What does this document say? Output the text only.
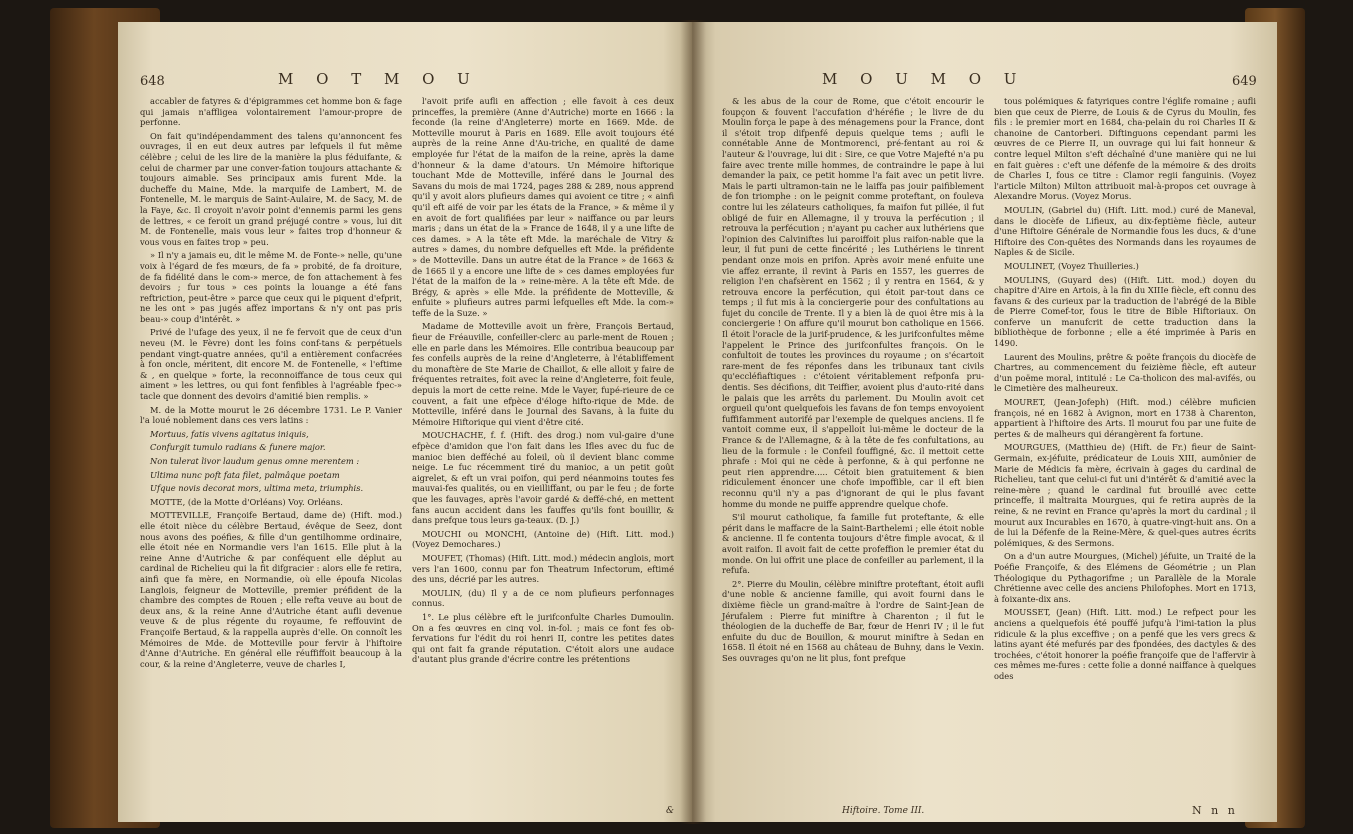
648	M O T M O U

accabler de fatyres & d'épigrammes cet homme bon & fage qui jamais n'affligea volontairement l'amour-propre de perfonne.

On fait qu'indépendamment des talens qu'annoncent fes ouvrages, il en eut deux autres par lefquels il fut même célèbre ; celui de les lire de la manière la plus féduifante, & celui de charmer par une conver-fation toujours attachante & toujours aimable. Ses principaux amis furent Mde. la ducheffe du Maine, Mde. la marquife de Lambert, M. de Fontenelle, M. le marquis de Saint-Aulaire, M. de Sacy, M. de la Faye, &c. Il croyoit n'avoir point d'ennemis parmi les gens de lettres, « ce feroit un grand préjugé contre » vous, lui dit M. de Fontenelle, mais vous leur » faites trop d'honneur & vous vous en faites trop » peu.

» Il n'y a jamais eu, dit le même M. de Fonte-» nelle, qu'une voix à l'égard de fes mœurs, de fa » probité, de fa droiture, de fa fidélité dans le com-» merce, de fon attachement à fes devoirs ; fur tous » ces points la louange a été fans reftriction, peut-être » parce que ceux qui le piquent d'efprit, ne les ont » pas jugés affez importans & n'y ont pas pris beau-» coup d'intérêt. »

Privé de l'ufage des yeux, il ne fe fervoit que de ceux d'un neveu (M. le Fèvre) dont les foins conf-tans & perpétuels pendant vingt-quatre années, qu'il a entièrement confacrées à fon oncle, méritent, dit encore M. de Fontenelle, « l'eftime & , en quelque » forte, la reconnoiffance de tous ceux qui aiment » les lettres, ou qui font fenfibles à l'agréable fpec-» tacle que donnent des devoirs d'amitié bien remplis. »

M. de la Motte mourut le 26 décembre 1731. Le P. Vanier l'a loué noblement dans ces vers latins :

Mortuus, fatis vivens agitatus iniquis,

Confurgit tumulo radians & funere major.

Non tulerat livor laudum genus omne merentem :

Ultima nunc poft fata filet, palmâque poetam

Ufque novis decorat mors, ultima meta, triumphis.

MOTTE, (de la Motte d'Orléans) Voy. Orléans.

MOTTEVILLE, Françoife Bertaud, dame de) (Hift. mod.) elle étoit nièce du célèbre Bertaud, évêque de Seez, dont nous avons des poéfies, & fille d'un gentilhomme ordinaire, elle étoit née en Normandie vers l'an 1615. Elle plut à la reine Anne d'Autriche & par conféquent elle déplut au cardinal de Richelieu qui la fit difgracier : alors elle fe retira, ainfi que fa mère, en Normandie, où elle époufa Nicolas Langlois, feigneur de Motteville, premier préfident de la chambre des comptes de Rouen ; elle refta veuve au bout de deux ans, & la reine Anne d'Autriche étant aufli devenue veuve & de plus régente du royaume, fe reffouvint de Françoife Bertaud, & la rappella auprès d'elle. On connoît les Mémoires de Mde. de Motteville pour fervir à l'hiftoire d'Anne d'Autriche. En général elle réuffiffoit beaucoup à la cour, & la reine d'Angleterre, veuve de charles I,

l'avoit prife aufli en affection ; elle favoit à ces deux princeffes, la première (Anne d'Autriche) morte en 1666 : la feconde (la reine d'Angleterre) morte en 1669. Mde. de Motteville mourut à Paris en 1689. Elle avoit toujours été auprès de la reine Anne d'Au-triche, en qualité de dame employée fur l'état de la maifon de la reine, après la dame d'honneur & la dame d'atours. Un Mémoire hiftorique touchant Mde de Motteville, inféré dans le Journal des Savans du mois de mai 1724, pages 288 & 289, nous apprend qu'il y avoit alors plufieurs dames qui avoient ce titre ; « ainfi qu'il eft aifé de voir par les états de la France, » & même il y en avoit de fort qualifiées par leur » naiffance ou par leurs maris ; dans un état de la » France de 1648, il y a une lifte de ces dames. » A la tête eft Mde. la maréchale de Vitry & autres » dames, du nombre defquelles eft Mde. la préfidente » de Motteville. Dans un autre état de la France » de 1663 & de 1665 il y a encore une lifte de » ces dames employées fur l'état de la maifon de la » reine-mère. A la tête eft Mde. de Brégy, & après » elle Mde. la préfidente de Motteville, & enfuite » plufieurs autres parmi lefquelles eft Mde. la com-» teffe de la Suze. »

Madame de Motteville avoit un frère, François Bertaud, fieur de Fréauville, confeiller-clerc au parle-ment de Rouen ; elle en parle dans les Mémoires. Elle contribua beaucoup par fes confeils auprès de la reine d'Angleterre, à l'établiffement du monaftère de Ste Marie de Chaillot, & elle alloit y faire de fréquentes retraites, foit avec la reine d'Angleterre, foit feule, depuis la mort de cette reine. Mde le Vayer, fupé-rieure de ce couvent, a fait une efpèce d'éloge hifto-rique de Mde. de Motteville, inféré dans le Journal des Savans, à la fuite du Mémoire Hiftorique qui vient d'être cité.

MOUCHACHE, f. f. (Hift. des drog.) nom vul-gaire d'une efpèce d'amidon que l'on fait dans les Ifles avec du fuc de manioc bien defféché au foleil, où il devient blanc comme neige. Le fuc récemment tiré du manioc, a un petit goût aigrelet, & eft un vrai poifon, qui perd néanmoins toutes fes mauvai-fes qualités, ou en vieilliffant, ou par le feu ; de forte que les fauvages, après l'avoir gardé & deffé-ché, en mettent fans aucun accident dans les fauffes qu'ils font bouillir, & dans prefque tous leurs ga-teaux. (D. J.)

MOUCHI ou MONCHI, (Antoine de) (Hift. Litt. mod.) (Voyez Demochares.)

MOUFET, (Thomas) (Hift. Litt. mod.) médecin anglois, mort vers l'an 1600, connu par fon Theatrum Infectorum, eftimé des uns, décrié par les autres.

MOULIN, (du) Il y a de ce nom plufieurs perfonnages connus.

1°. Le plus célèbre eft le jurifconfulte Charles Dumoulin. On a fes œuvres en cinq vol. in-fol. ; mais ce font fes ob-fervations fur l'édit du roi henri II, contre les petites dates qui ont fait fa grande réputation. C'étoit alors une audace d'autant plus grande d'écrire contre les prétentions

&
M O U M O U	649

& les abus de la cour de Rome, que c'étoit encourir le foupçon & fouvent l'accufation d'héréfie ; le livre de du Moulin força le pape à des ménagemens pour la France, dont il s'étoit trop difpenfé depuis quelque tems ; aufli le connétable Anne de Montmorenci, pré-fentant au roi & l'auteur & l'ouvrage, lui dit : Sire, ce que Votre Majefté n'a pu faire avec trente mille hommes, de contraindre le pape à lui demander la paix, ce petit homme l'a fait avec un petit livre. Mais le parti ultramon-tain ne le laiffa pas jouir paifiblement de fon triomphe : on le peignit comme proteftant, on fouleva contre lui les zélateurs catholiques, fa maifon fut pillée, il fut obligé de fuir en Allemagne, il y trouva la perfécution ; il retrouva la perfécution ; n'ayant pu cacher aux luthériens que l'opinion des Calviniftes lui paroiffoit plus raifon-nable que la leur, il fut puni de cette fincérité ; les Luthériens le tinrent pendant onze mois en prifon. Après avoir mené enfuite une vie affez errante, il revint à Paris en 1557, les guerres de religion l'en chafsèrent en 1562 ; il y rentra en 1564, & y retrouva encore la perfécution, qui étoit par-tout dans ce temps ; il fut mis à la conciergerie pour des confultations au fujet du concile de Trente. Il y a bien là de quoi être mis à la conciergerie ! On affure qu'il mourut bon catholique en 1566. Il étoit l'oracle de la jurif-prudence, & les jurifconfultes même l'appelent le Prince des jurifconfultes françois. On le confultoit de toutes les provinces du royaume ; on s'écartoit rare-ment de fes réponfes dans les tribunaux tant civils qu'eccléfiaftiques : c'étoient véritablement refponfa pru-dentis. Ses décifions, dit Teiffier, avoient plus d'auto-rité dans le palais que les arrêts du parlement. Du Moulin avoit cet orgueil qu'ont quelquefois les favans de fon temps envoyoient fuffifamment autorifé par l'exemple de quelques anciens. Il fe vantoit comme eux, il s'appelloit lui-même le docteur de la France & de l'Allemagne, & à la tête de fes confultations, au lieu de la formule : le Confeil fouffigné, &c. il mettoit cette phrafe : Moi qui ne cède à perfonne, & à qui perfonne ne peut rien apprendre..... Cétoit bien gratuitement & bien ridiculement énoncer une chofe impoffible, car il eft bien reconnu qu'il n'y a pas d'ignorant de qui le plus favant homme du monde ne puiffe apprendre quelque chofe.

S'il mourut catholique, fa famille fut proteftante, & elle périt dans le maffacre de la Saint-Barthelemi ; elle étoit noble & ancienne. Il fe contenta toujours d'être fimple avocat, & il avoit raifon. Il avoit fait de cette profeffion le premier état du monde. On lui offrit une place de confeiller au parlement, il la refufa.

2°. Pierre du Moulin, célèbre miniftre proteftant, étoit aufli d'une noble & ancienne famille, qui avoit fourni dans le dixième fiècle un grand-maître à l'ordre de Saint-Jean de Jérufalem : Pierre fut miniftre à Charenton ; il fut le théologien de la ducheffe de Bar, fœur de Henri IV ; il le fut enfuite du duc de Bouillon, & mourut miniftre à Sedan en 1658. Il étoit né en 1568 au château de Buhny, dans le Vexin. Ses ouvrages qu'on ne lit plus, font prefque

Hiftoire. Tome III.

tous polémiques & fatyriques contre l'églife romaine ; aufli bien que ceux de Pierre, de Louis & de Cyrus du Moulin, fes fils : le premier mort en 1684, cha-pelain du roi Charles II & chanoine de Cantorberi. Diftinguons cependant parmi les œuvres de ce Pierre II, un ouvrage qui lui fait honneur & contre lequel Milton s'eft déchaîné d'une manière qui ne lui en fait guères : c'eft une défenfe de la mémoire & des droits de Charles I, fous ce titre : Clamor regii fanguinis. (Voyez l'article Milton) Milton attribuoit mal-à-propos cet ouvrage à Alexandre Morus. (Voyez Morus.

MOULIN, (Gabriel du) (Hift. Litt. mod.) curé de Maneval, dans le diocèfe de Lifieux, au dix-feptième fiècle, auteur d'une Hiftoire Générale de Normandie fous les ducs, & d'une Hiftoire des Con-quêtes des Normands dans les royaumes de Naples & de Sicile.

MOULINET, (Voyez Thuilleries.)

MOULINS, (Guyard des) ((Hift. Litt. mod.) doyen du chapitre d'Aire en Artois, à la fin du XIIIe fiècle, eft connu des favans & des curieux par la traduction de l'abrégé de la Bible de Pierre Comef-tor, fous le titre de Bible Hiftoriaux. On conferve un manufcrit de cette traduction dans la bibliothèque de forbonne ; elle a été imprimée à Paris en 1490.

Laurent des Moulins, prêtre & poëte françois du diocèfe de Chartres, au commencement du feizième fiècle, eft auteur d'un poëme moral, intitulé : Le Ca-tholicon des mal-avifés, ou le Cimetière des malheureux.

MOURET, (Jean-Jofeph) (Hift. mod.) célèbre muficien françois, né en 1682 à Avignon, mort en 1738 à Charenton, appartient à l'hiftoire des Arts. Il mourut fou par une fuite de pertes & de malheurs qui dérangèrent fa fortune.

MOURGUES, (Matthieu de) (Hift. de Fr.) fieur de Saint-Germain, ex-jéfuite, prédicateur de Louis XIII, aumônier de Marie de Médicis fa mère, écrivain à gages du cardinal de Richelieu, tant que celui-ci fut uni d'intérêt & d'amitié avec la reine-mère ; quand le cardinal fut brouillé avec cette princeffe, il maltraita Mourgues, qui fe retira auprès de la reine, & ne revint en France qu'après la mort du cardinal ; il mourut aux Incurables en 1670, à quatre-vingt-huit ans. On a de lui la Défenfe de la Reine-Mère, & quel-ques autres écrits polémiques, & des Sermons.

On a d'un autre Mourgues, (Michel) jéfuite, un Traité de la Poéfie Françoife, & des Elémens de Géométrie ; un Plan Théologique du Pythagorifme ; un Parallèle de la Morale Chrétienne avec celle des anciens Philofophes. Mort en 1713, à foixante-dix ans.

MOUSSET, (Jean) (Hift. Litt. mod.) Le refpect pour les anciens a quelquefois été pouffé jufqu'à l'imi-tation la plus ridicule & la plus exceffive ; on a penfé que les vers grecs & latins ayant été mefurés par des fpondées, des dactyles & des trochées, c'étoit honorer la poéfie françoife que de l'affervir à ces mêmes me-fures : cette folie a donné naiffance à quelques odes

N n n
